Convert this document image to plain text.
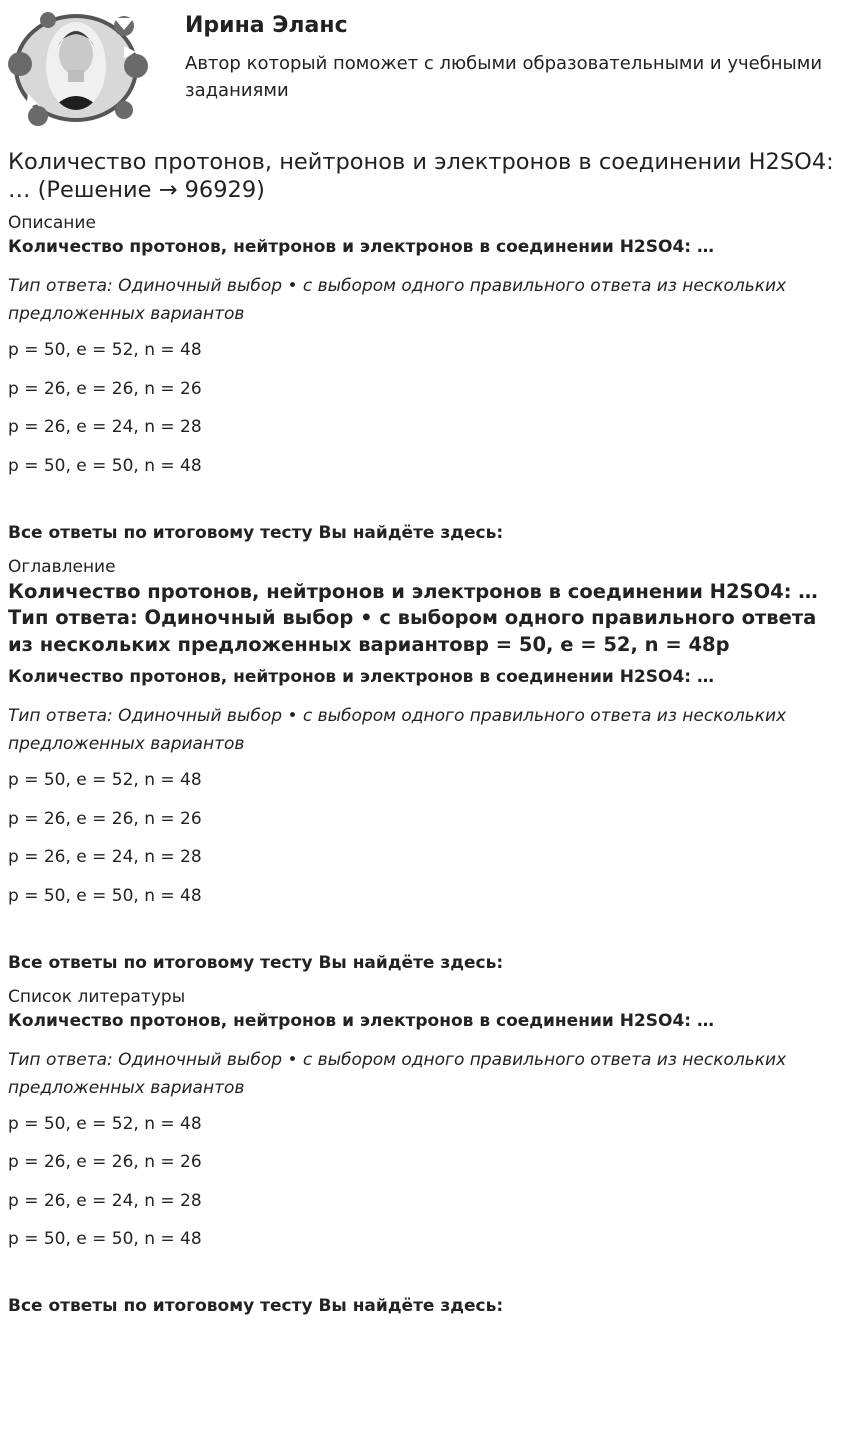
Ирина Эланс
Автор который поможет с любыми образовательными и учебными заданиями
Количество протонов, нейтронов и электронов в соединении H2SO4: … (Решение → 96929)
Описание
Количество протонов, нейтронов и электронов в соединении H2SO4: …
Тип ответа: Одиночный выбор • с выбором одного правильного ответа из нескольких предложенных вариантов
p = 50, e = 52, n = 48
p = 26, e = 26, n = 26
p = 26, e = 24, n = 28
p = 50, e = 50, n = 48
Все ответы по итоговому тесту Вы найдёте здесь:
Оглавление
Количество протонов, нейтронов и электронов в соединении H2SO4: …Тип ответа: Одиночный выбор • с выбором одного правильного ответа из нескольких предложенных вариантовр = 50, e = 52, n = 48р
Количество протонов, нейтронов и электронов в соединении H2SO4: …
Тип ответа: Одиночный выбор • с выбором одного правильного ответа из нескольких предложенных вариантов
p = 50, e = 52, n = 48
p = 26, e = 26, n = 26
p = 26, e = 24, n = 28
p = 50, e = 50, n = 48
Все ответы по итоговому тесту Вы найдёте здесь:
Список литературы
Количество протонов, нейтронов и электронов в соединении H2SO4: …
Тип ответа: Одиночный выбор • с выбором одного правильного ответа из нескольких предложенных вариантов
p = 50, e = 52, n = 48
p = 26, e = 26, n = 26
p = 26, e = 24, n = 28
p = 50, e = 50, n = 48
Все ответы по итоговому тесту Вы найдёте здесь:
